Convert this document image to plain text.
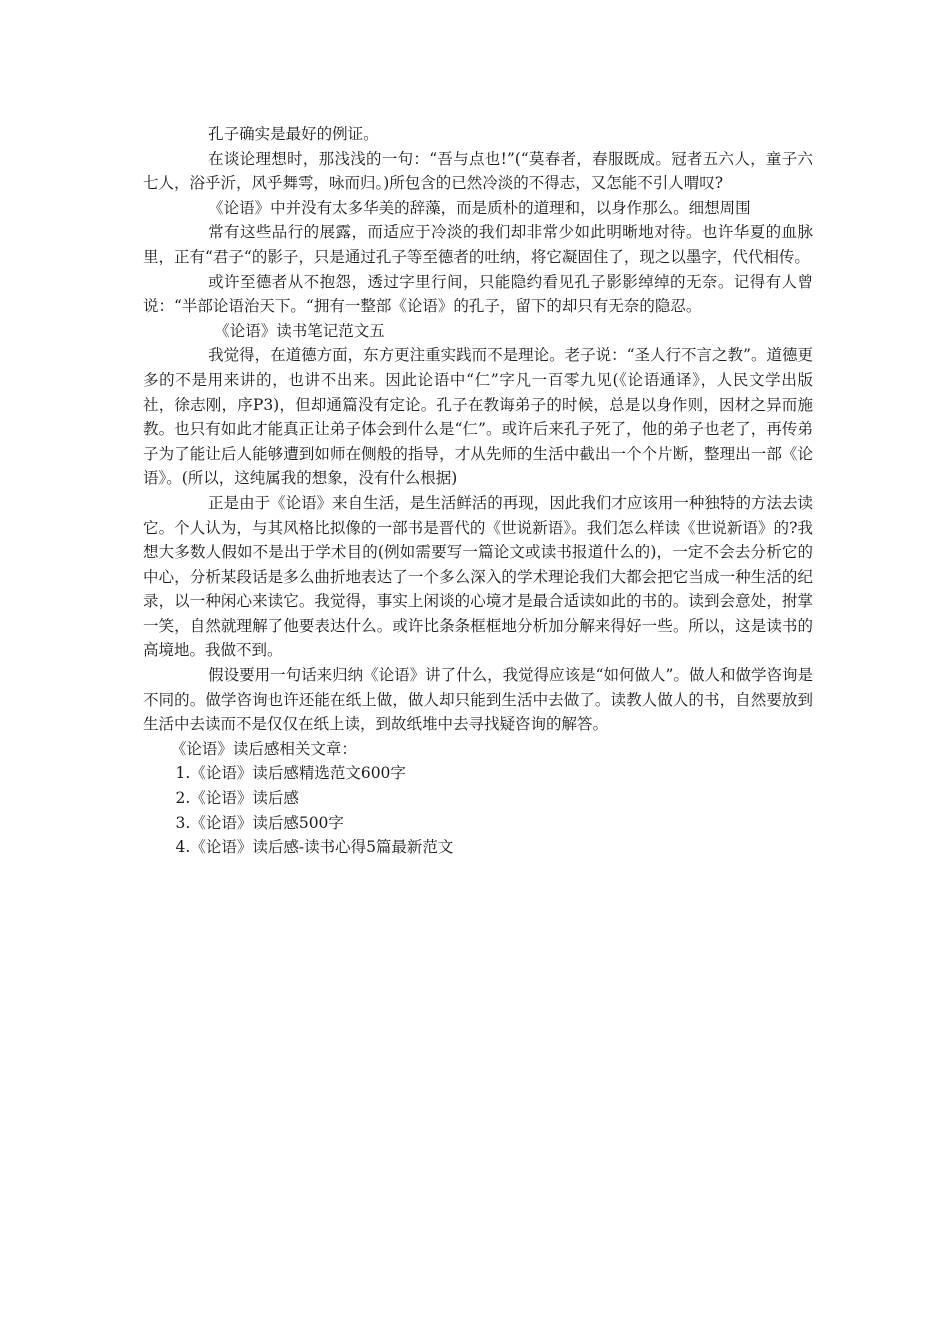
孔子确实是最好的例证。

在谈论理想时，那浅浅的一句：“吾与点也!”(“莫春者，春服既成。冠者五六人，童子六七人，浴乎沂，风乎舞雩，咏而归。)所包含的已然冷淡的不得志，又怎能不引人喟叹?

《论语》中并没有太多华美的辞藻，而是质朴的道理和，以身作那么。细想周围

常有这些品行的展露，而适应于冷淡的我们却非常少如此明晰地对待。也许华夏的血脉里，正有“君子“的影子，只是通过孔子等至德者的吐纳，将它凝固住了，现之以墨字，代代相传。

或许至德者从不抱怨，透过字里行间，只能隐约看见孔子影影绰绰的无奈。记得有人曾说：“半部论语治天下。“拥有一整部《论语》的孔子，留下的却只有无奈的隐忍。

《论语》读书笔记范文五

我觉得，在道德方面，东方更注重实践而不是理论。老子说：“圣人行不言之教”。道德更多的不是用来讲的，也讲不出来。因此论语中“仁”字凡一百零九见(《论语通译》，人民文学出版社，徐志刚，序P3)，但却通篇没有定论。孔子在教诲弟子的时候，总是以身作则，因材之异而施教。也只有如此才能真正让弟子体会到什么是“仁”。或许后来孔子死了，他的弟子也老了，再传弟子为了能让后人能够遭到如师在侧般的指导，才从先师的生活中截出一个个片断，整理出一部《论语》。(所以，这纯属我的想象，没有什么根据)

正是由于《论语》来自生活，是生活鲜活的再现，因此我们才应该用一种独特的方法去读它。个人认为，与其风格比拟像的一部书是晋代的《世说新语》。我们怎么样读《世说新语》的?我想大多数人假如不是出于学术目的(例如需要写一篇论文或读书报道什么的)，一定不会去分析它的中心，分析某段话是多么曲折地表达了一个多么深入的学术理论我们大都会把它当成一种生活的纪录，以一种闲心来读它。我觉得，事实上闲谈的心境才是最合适读如此的书的。读到会意处，拊掌一笑，自然就理解了他要表达什么。或许比条条框框地分析加分解来得好一些。所以，这是读书的高境地。我做不到。

假设要用一句话来归纳《论语》讲了什么，我觉得应该是“如何做人”。做人和做学咨询是不同的。做学咨询也许还能在纸上做，做人却只能到生活中去做了。读教人做人的书，自然要放到生活中去读而不是仅仅在纸上读，到故纸堆中去寻找疑咨询的解答。

《论语》读后感相关文章：

1.《论语》读后感精选范文600字
2.《论语》读后感
3.《论语》读后感500字
4.《论语》读后感-读书心得5篇最新范文
